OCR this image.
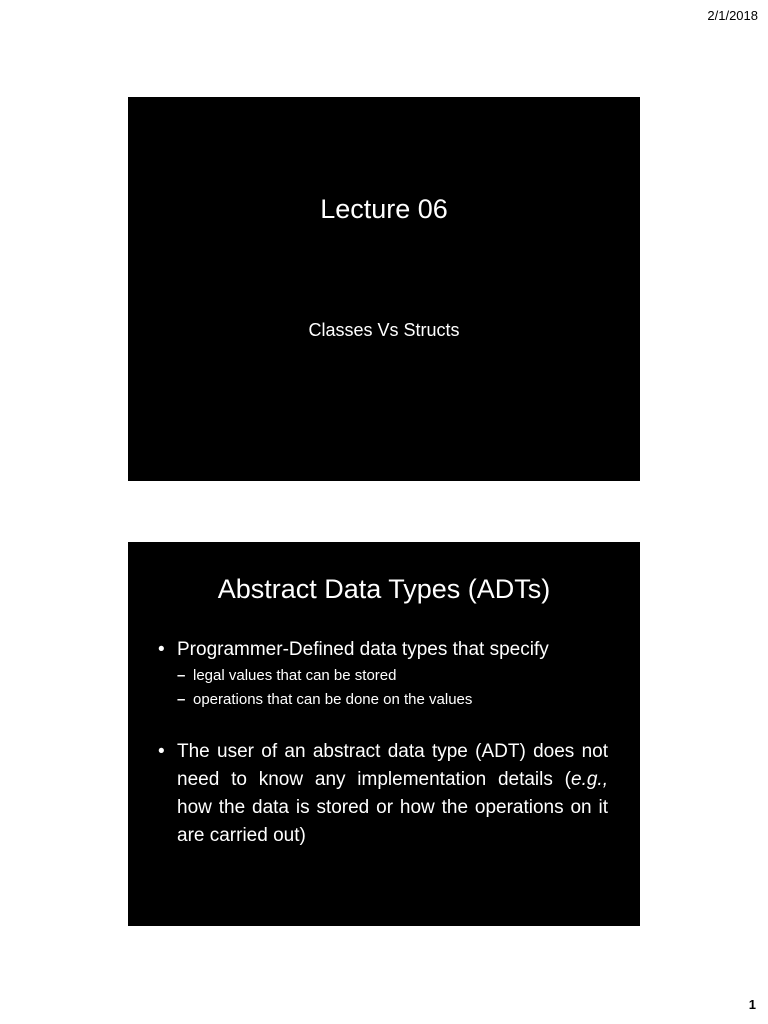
2/1/2018
Lecture 06
Classes Vs Structs
Abstract Data Types (ADTs)
• Programmer-Defined data types that specify
– legal values that can be stored
– operations that can be done on the values
• The user of an abstract data type (ADT) does not need to know any implementation details (e.g., how the data is stored or how the operations on it are carried out)
1
